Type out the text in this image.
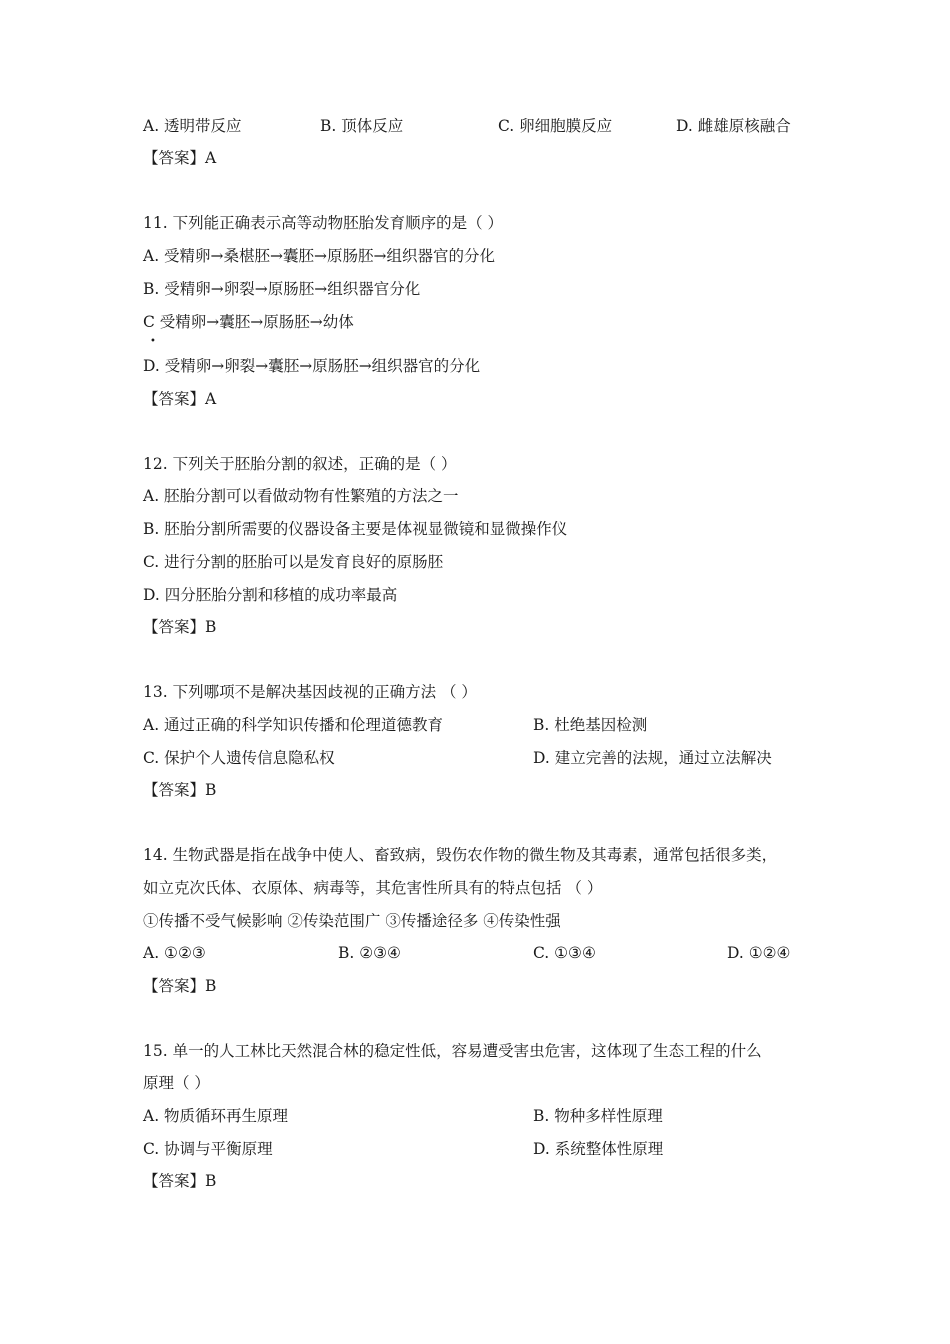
A. 透明带反应	B. 顶体反应	C. 卵细胞膜反应	D. 雌雄原核融合
【答案】A
11. 下列能正确表示高等动物胚胎发育顺序的是（ ）
A. 受精卵→桑椹胚→囊胚→原肠胚→组织器官的分化
B. 受精卵→卵裂→原肠胚→组织器官分化
C 受精卵→囊胚→原肠胚→幼体
•
D. 受精卵→卵裂→囊胚→原肠胚→组织器官的分化
【答案】A
12. 下列关于胚胎分割的叙述，正确的是（ ）
A. 胚胎分割可以看做动物有性繁殖的方法之一
B. 胚胎分割所需要的仪器设备主要是体视显微镜和显微操作仪
C. 进行分割的胚胎可以是发育良好的原肠胚
D. 四分胚胎分割和移植的成功率最高
【答案】B
13. 下列哪项不是解决基因歧视的正确方法 （ ）
A. 通过正确的科学知识传播和伦理道德教育	B. 杜绝基因检测
C. 保护个人遗传信息隐私权	D. 建立完善的法规，通过立法解决
【答案】B
14. 生物武器是指在战争中使人、畜致病，毁伤农作物的微生物及其毒素，通常包括很多类，
如立克次氏体、衣原体、病毒等，其危害性所具有的特点包括 （ ）
①传播不受气候影响 ②传染范围广 ③传播途径多 ④传染性强
A. ①②③	B. ②③④	C. ①③④	D. ①②④
【答案】B
15. 单一的人工林比天然混合林的稳定性低，容易遭受害虫危害，这体现了生态工程的什么
原理（ ）
A. 物质循环再生原理	B. 物种多样性原理
C. 协调与平衡原理	D. 系统整体性原理
【答案】B
